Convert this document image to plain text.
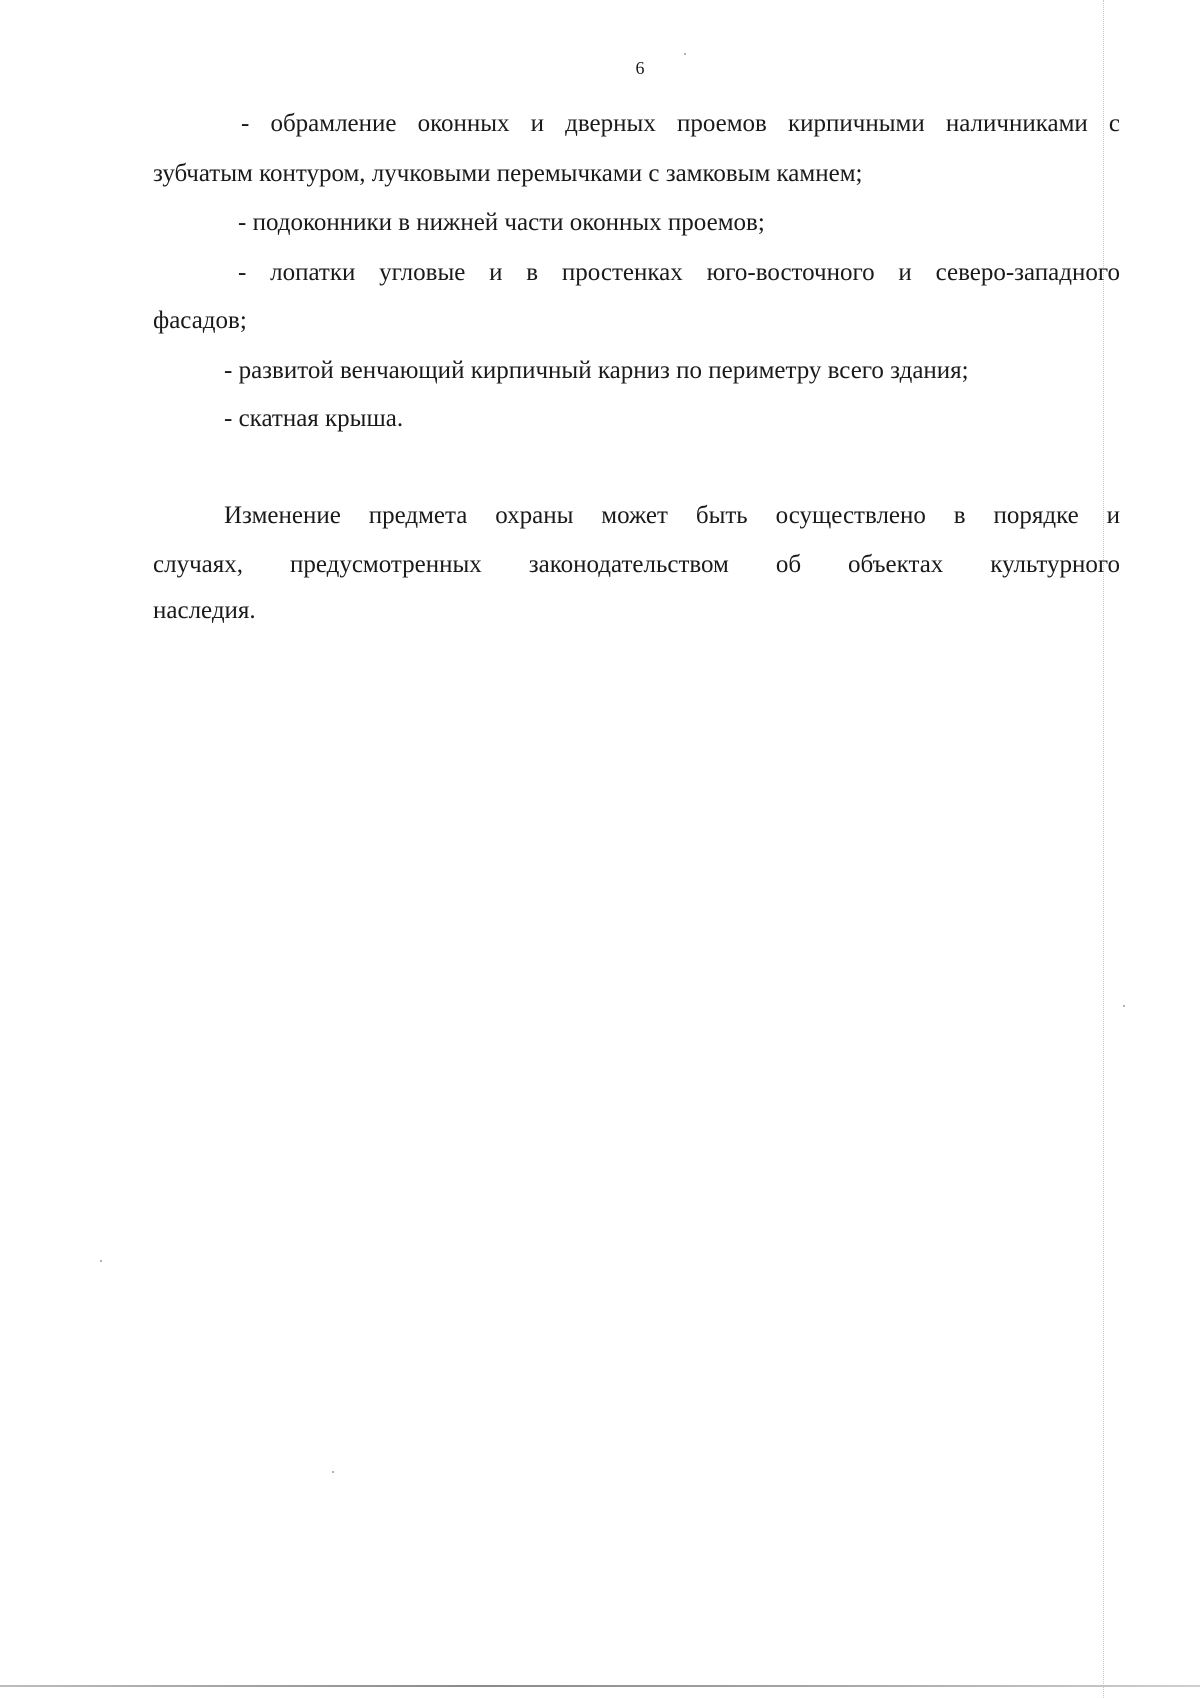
6
- обрамление оконных и дверных проемов кирпичными наличниками с
зубчатым контуром, лучковыми перемычками с замковым камнем;
- подоконники в нижней части оконных проемов;
- лопатки угловые и в простенках юго-восточного и северо-западного
фасадов;
- развитой венчающий кирпичный карниз по периметру всего здания;
- скатная крыша.
Изменение предмета охраны может быть осуществлено в порядке и
случаях, предусмотренных законодательством об объектах культурного
наследия.
